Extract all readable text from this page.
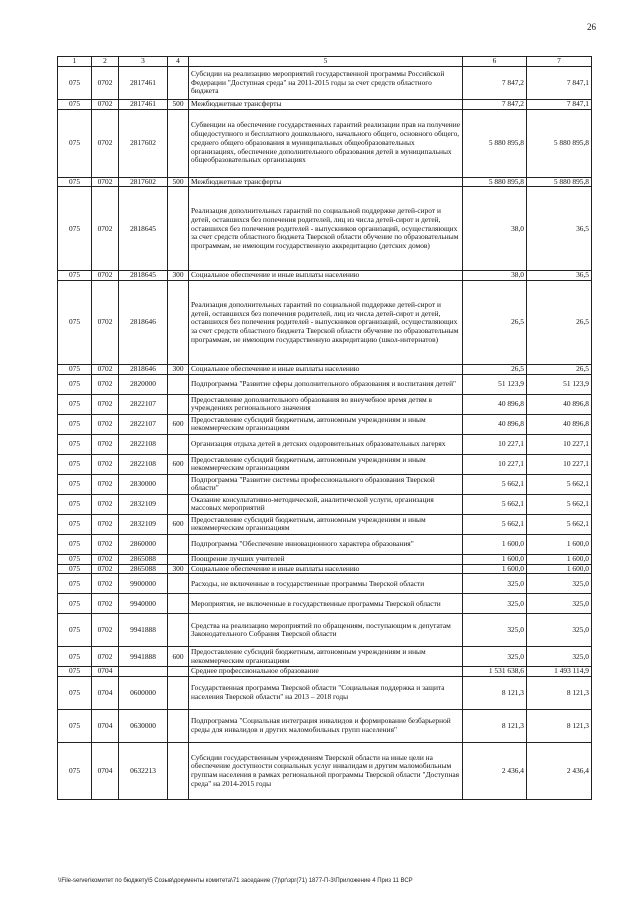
26
1	2	3	4	5	6	7
075	0702	2817461		Субсидии на реализацию мероприятий государственной программы Российской Федерации "Доступная среда" на 2011-2015 годы за счет средств областного бюджета	7 847,2	7 847,1
075	0702	2817461	500	Межбюджетные трансферты	7 847,2	7 847,1
075	0702	2817602		Субвенции на обеспечение государственных гарантий реализации прав на получение общедоступного и бесплатного дошкольного, начального общего, основного общего, среднего общего образования в муниципальных общеобразовательных организациях, обеспечение дополнительного образования детей в муниципальных общеобразовательных организациях	5 880 895,8	5 880 895,8
075	0702	2817602	500	Межбюджетные трансферты	5 880 895,8	5 880 895,8
075	0702	2818645		Реализация дополнительных гарантий по социальной поддержке детей-сирот и детей, оставшихся без попечения родителей, лиц из числа детей-сирот и детей, оставшихся без попечения родителей - выпускников организаций, осуществляющих за счет средств областного бюджета Тверской области обучение по образовательным программам, не имеющим государственную аккредитацию (детских домов)	38,0	36,5
075	0702	2818645	300	Социальное обеспечение и иные выплаты населению	38,0	36,5
075	0702	2818646		Реализация дополнительных гарантий по социальной поддержке детей-сирот и детей, оставшихся без попечения родителей, лиц из числа детей-сирот и детей, оставшихся без попечения родителей - выпускников организаций, осуществляющих за счет средств областного бюджета Тверской области обучение по образовательным программам, не имеющим государственную аккредитацию (школ-интернатов)	26,5	26,5
075	0702	2818646	300	Социальное обеспечение и иные выплаты населению	26,5	26,5
075	0702	2820000		Подпрограмма "Развитие сферы дополнительного образования и воспитания детей"	51 123,9	51 123,9
075	0702	2822107		Предоставление дополнительного образования во внеучебное время детям в учреждениях регионального значения	40 896,8	40 896,8
075	0702	2822107	600	Предоставление субсидий бюджетным, автономным учреждениям и иным некоммерческим организациям	40 896,8	40 896,8
075	0702	2822108		Организация отдыха детей в детских оздоровительных образовательных лагерях	10 227,1	10 227,1
075	0702	2822108	600	Предоставление субсидий бюджетным, автономным учреждениям и иным некоммерческим организациям	10 227,1	10 227,1
075	0702	2830000		Подпрограмма "Развитие системы профессионального образования Тверской области"	5 662,1	5 662,1
075	0702	2832109		Оказание консультативно-методической, аналитической услуги, организация массовых мероприятий	5 662,1	5 662,1
075	0702	2832109	600	Предоставление субсидий бюджетным, автономным учреждениям и иным некоммерческим организациям	5 662,1	5 662,1
075	0702	2860000		Подпрограмма "Обеспечение инновационного характера образования"	1 600,0	1 600,0
075	0702	2865088		Поощрение лучших учителей	1 600,0	1 600,0
075	0702	2865088	300	Социальное обеспечение и иные выплаты населению	1 600,0	1 600,0
075	0702	9900000		Расходы, не включенные в государственные программы Тверской области	325,0	325,0
075	0702	9940000		Мероприятия, не включенные в государственные программы Тверской области	325,0	325,0
075	0702	9941888		Средства на реализацию мероприятий по обращениям, поступающим к депутатам Законодательного Собрания Тверской области	325,0	325,0
075	0702	9941888	600	Предоставление субсидий бюджетным, автономным учреждениям и иным некоммерческим организациям	325,0	325,0
075	0704			Среднее профессиональное образование	1 531 638,6	1 493 114,9
075	0704	0600000		Государственная программа Тверской области "Социальная поддержка и защита населения Тверской области" на 2013 – 2018 годы	8 121,3	8 121,3
075	0704	0630000		Подпрограмма "Социальная интеграция инвалидов и формирование безбарьерной среды для инвалидов и других маломобильных групп населения"	8 121,3	8 121,3
075	0704	0632213		Субсидии государственным учреждениям Тверской области на иные цели на обеспечение доступности социальных услуг инвалидам и другим маломобильным группам населения в рамках региональной программы Тверской области "Доступная среда" на 2014-2015 годы	2 436,4	2 436,4
\\File-server\комитет по бюджету\5 Созыв\документы комитета\71 заседание (7)\рг\зрг(71) 1877-П-3\Приложение 4 Приз 11 ВСР
